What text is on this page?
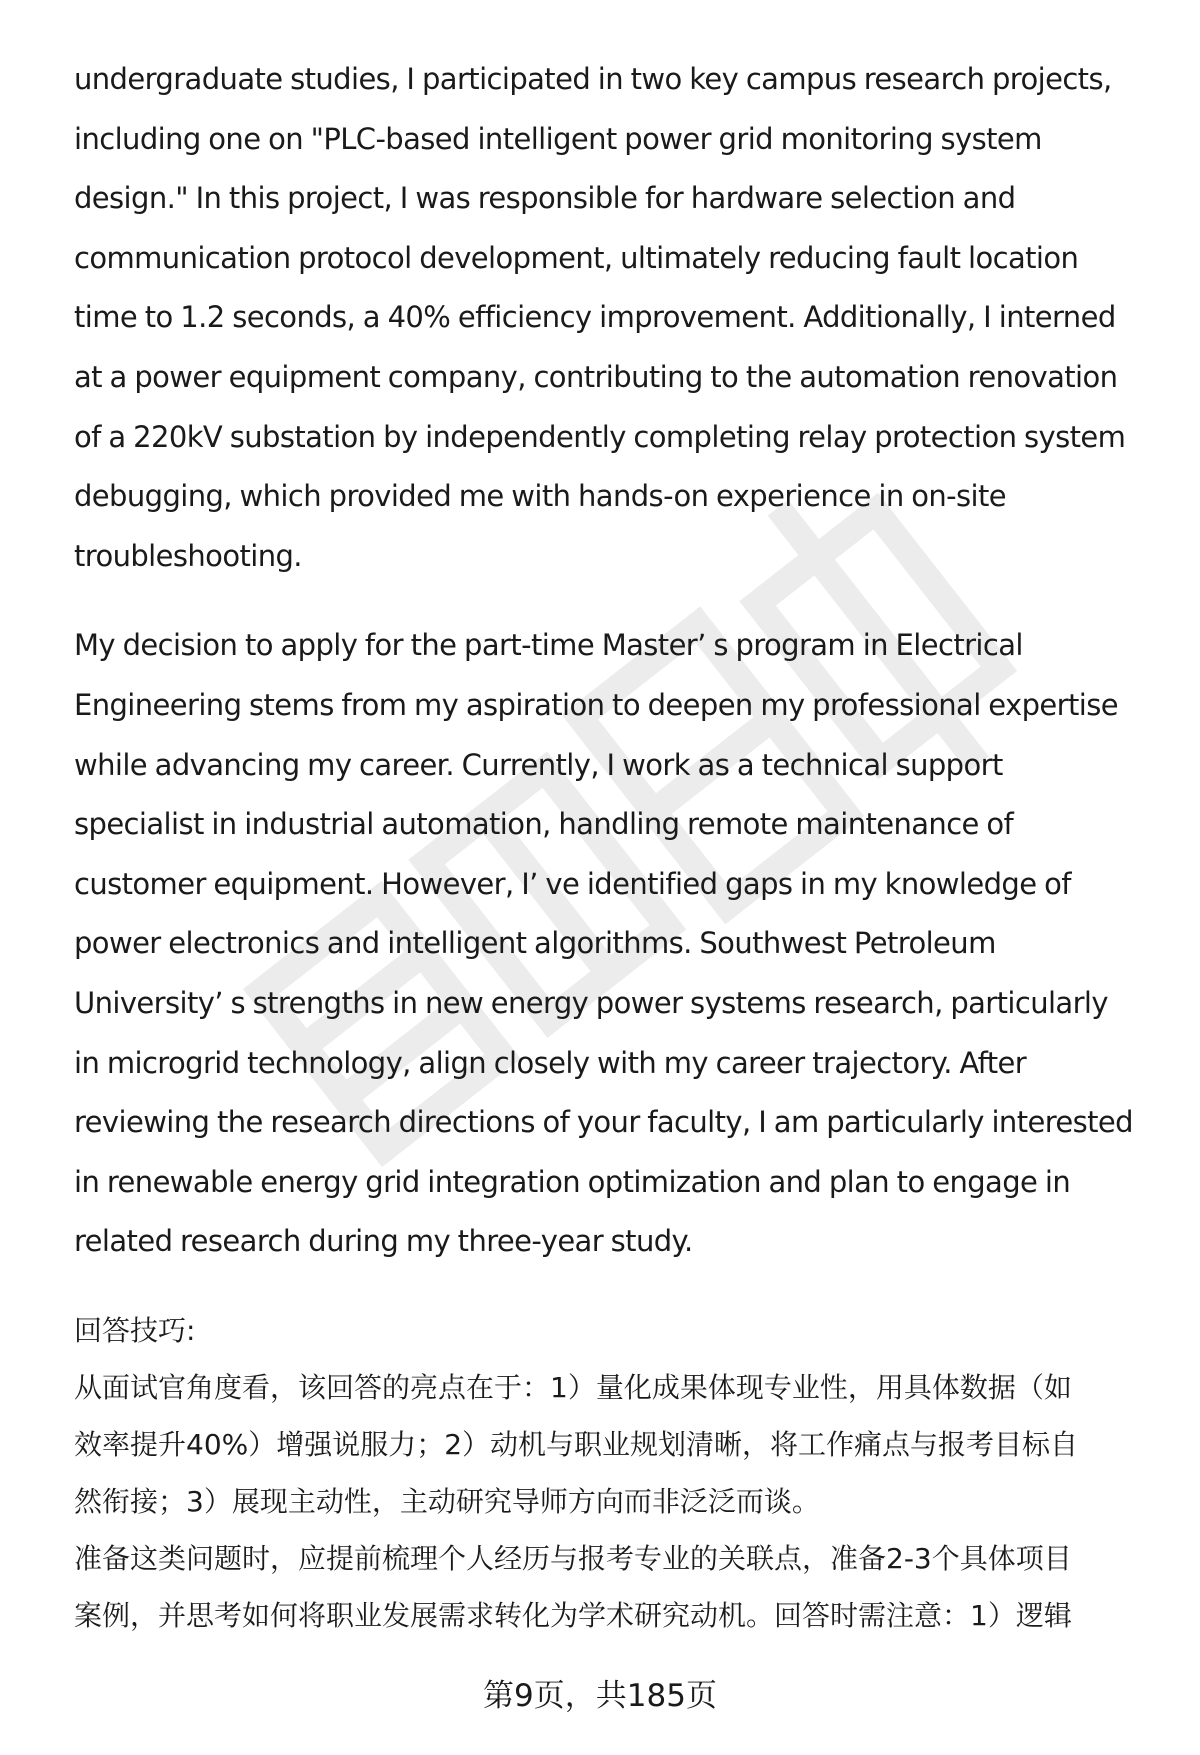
undergraduate studies, I participated in two key campus research projects,
including one on "PLC-based intelligent power grid monitoring system
design." In this project, I was responsible for hardware selection and
communication protocol development, ultimately reducing fault location
time to 1.2 seconds, a 40% efficiency improvement. Additionally, I interned
at a power equipment company, contributing to the automation renovation
of a 220kV substation by independently completing relay protection system
debugging, which provided me with hands-on experience in on-site
troubleshooting.

My decision to apply for the part-time Master’ s program in Electrical
Engineering stems from my aspiration to deepen my professional expertise
while advancing my career. Currently, I work as a technical support
specialist in industrial automation, handling remote maintenance of
customer equipment. However, I’ ve identified gaps in my knowledge of
power electronics and intelligent algorithms. Southwest Petroleum
University’ s strengths in new energy power systems research, particularly
in microgrid technology, align closely with my career trajectory. After
reviewing the research directions of your faculty, I am particularly interested
in renewable energy grid integration optimization and plan to engage in
related research during my three-year study.

回答技巧:
从面试官角度看，该回答的亮点在于：1）量化成果体现专业性，用具体数据（如
效率提升40%）增强说服力；2）动机与职业规划清晰，将工作痛点与报考目标自
然衔接；3）展现主动性，主动研究导师方向而非泛泛而谈。
准备这类问题时，应提前梳理个人经历与报考专业的关联点，准备2-3个具体项目
案例，并思考如何将职业发展需求转化为学术研究动机。回答时需注意：1）逻辑
第9页，共185页
